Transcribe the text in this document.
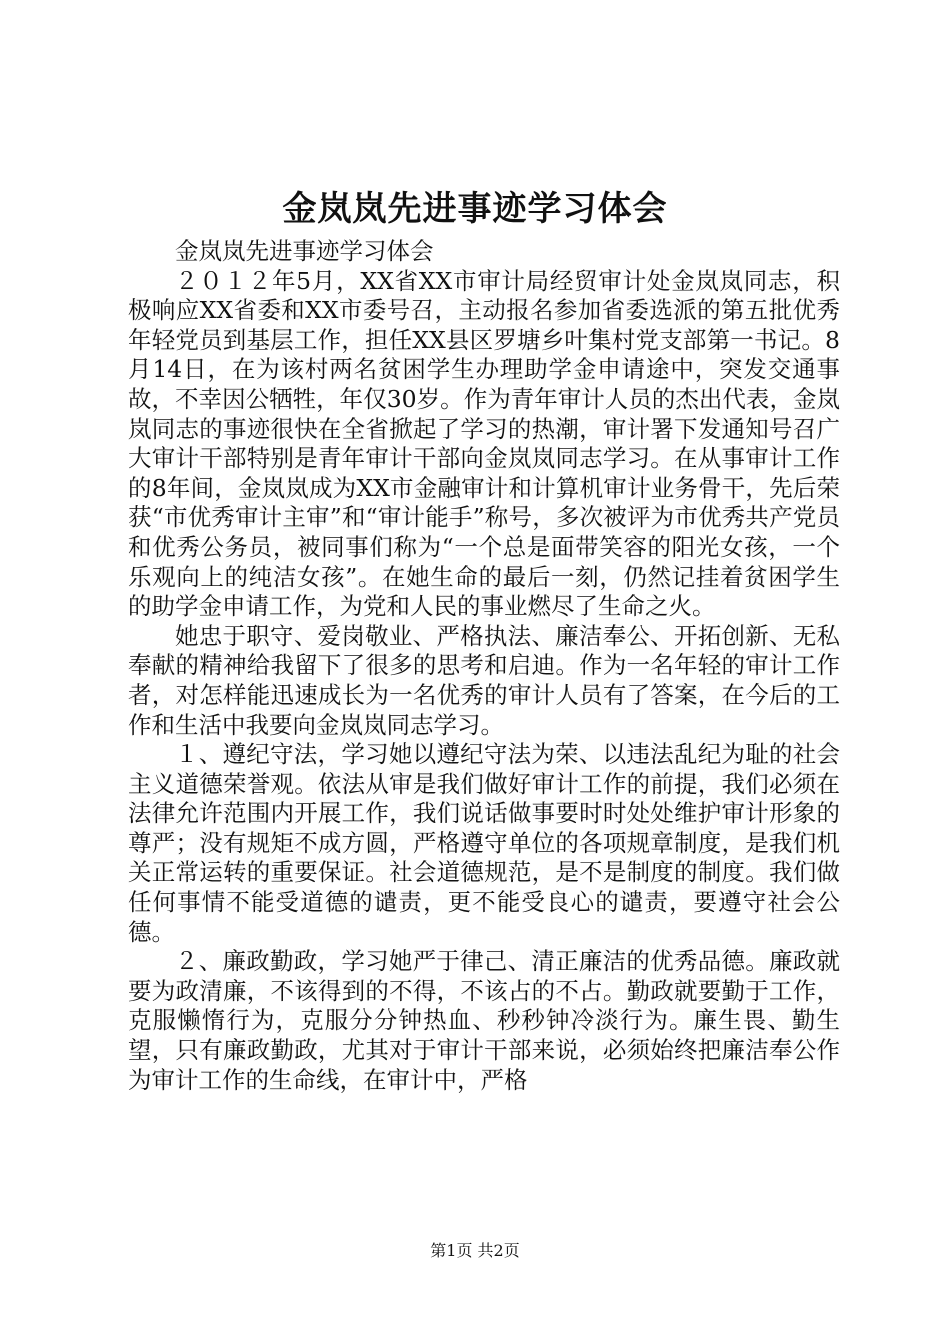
金岚岚先进事迹学习体会

金岚岚先进事迹学习体会

２０１２年5月，XX省XX市审计局经贸审计处金岚岚同志，积极响应XX省委和XX市委号召，主动报名参加省委选派的第五批优秀年轻党员到基层工作，担任XX县区罗塘乡叶集村党支部第一书记。8月14日，在为该村两名贫困学生办理助学金申请途中，突发交通事故，不幸因公牺牲，年仅30岁。作为青年审计人员的杰出代表，金岚岚同志的事迹很快在全省掀起了学习的热潮，审计署下发通知号召广大审计干部特别是青年审计干部向金岚岚同志学习。在从事审计工作的8年间，金岚岚成为XX市金融审计和计算机审计业务骨干，先后荣获“市优秀审计主审”和“审计能手”称号，多次被评为市优秀共产党员和优秀公务员，被同事们称为“一个总是面带笑容的阳光女孩，一个乐观向上的纯洁女孩”。在她生命的最后一刻，仍然记挂着贫困学生的助学金申请工作，为党和人民的事业燃尽了生命之火。

她忠于职守、爱岗敬业、严格执法、廉洁奉公、开拓创新、无私奉献的精神给我留下了很多的思考和启迪。作为一名年轻的审计工作者，对怎样能迅速成长为一名优秀的审计人员有了答案，在今后的工作和生活中我要向金岚岚同志学习。

１、遵纪守法，学习她以遵纪守法为荣、以违法乱纪为耻的社会主义道德荣誉观。依法从审是我们做好审计工作的前提，我们必须在法律允许范围内开展工作，我们说话做事要时时处处维护审计形象的尊严；没有规矩不成方圆，严格遵守单位的各项规章制度，是我们机关正常运转的重要保证。社会道德规范，是不是制度的制度。我们做任何事情不能受道德的谴责，更不能受良心的谴责，要遵守社会公德。

２、廉政勤政，学习她严于律己、清正廉洁的优秀品德。廉政就要为政清廉，不该得到的不得，不该占的不占。勤政就要勤于工作，克服懒惰行为，克服分分钟热血、秒秒钟冷淡行为。廉生畏、勤生望，只有廉政勤政，尤其对于审计干部来说，必须始终把廉洁奉公作为审计工作的生命线，在审计中，严格

第1页 共2页
